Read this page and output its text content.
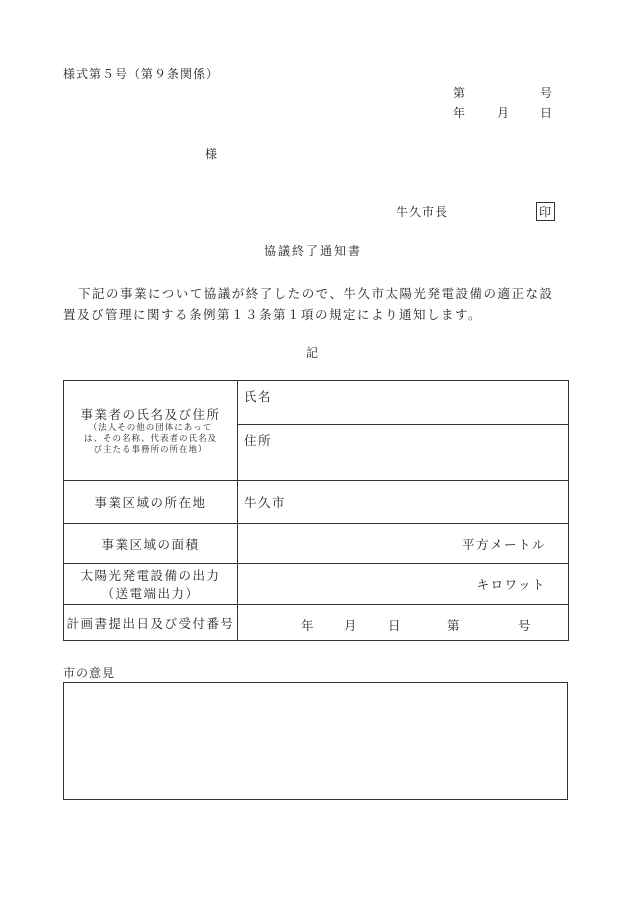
様式第５号（第９条関係）
第	号
年	月 日
様
牛久市長	印
協議終了通知書
下記の事業について協議が終了したので、牛久市太陽光発電設備の適正な設
置及び管理に関する条例第１３条第１項の規定により通知します。
記
事業者の氏名及び住所
（法人その他の団体にあって
は、その名称、代表者の氏名及
び主たる事務所の所在地）	氏名
	住所
事業区域の所在地	牛久市
事業区域の面積	平方メートル

太陽光発電設備の出力
（送電端出力）	キロワット
計画書提出日及び受付番号	年 月 日 第 号
市の意見
